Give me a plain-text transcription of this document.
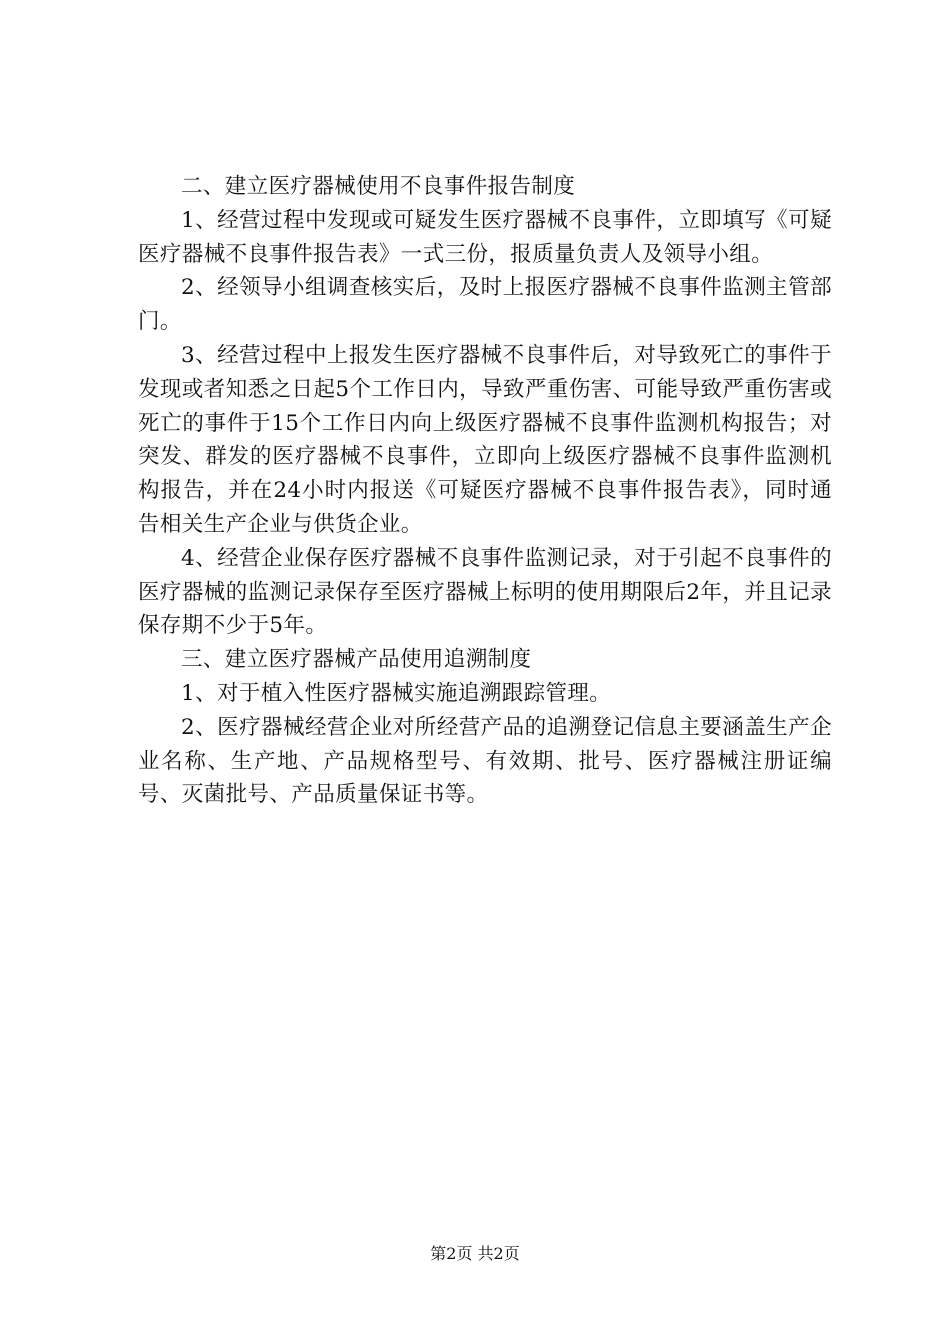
二、建立医疗器械使用不良事件报告制度

1、经营过程中发现或可疑发生医疗器械不良事件，立即填写《可疑医疗器械不良事件报告表》一式三份，报质量负责人及领导小组。

2、经领导小组调查核实后，及时上报医疗器械不良事件监测主管部门。

3、经营过程中上报发生医疗器械不良事件后，对导致死亡的事件于发现或者知悉之日起5个工作日内，导致严重伤害、可能导致严重伤害或死亡的事件于15个工作日内向上级医疗器械不良事件监测机构报告；对突发、群发的医疗器械不良事件，立即向上级医疗器械不良事件监测机构报告，并在24小时内报送《可疑医疗器械不良事件报告表》，同时通告相关生产企业与供货企业。

4、经营企业保存医疗器械不良事件监测记录，对于引起不良事件的医疗器械的监测记录保存至医疗器械上标明的使用期限后2年，并且记录保存期不少于5年。

三、建立医疗器械产品使用追溯制度

1、对于植入性医疗器械实施追溯跟踪管理。

2、医疗器械经营企业对所经营产品的追溯登记信息主要涵盖生产企业名称、生产地、产品规格型号、有效期、批号、医疗器械注册证编号、灭菌批号、产品质量保证书等。

第2页 共2页
